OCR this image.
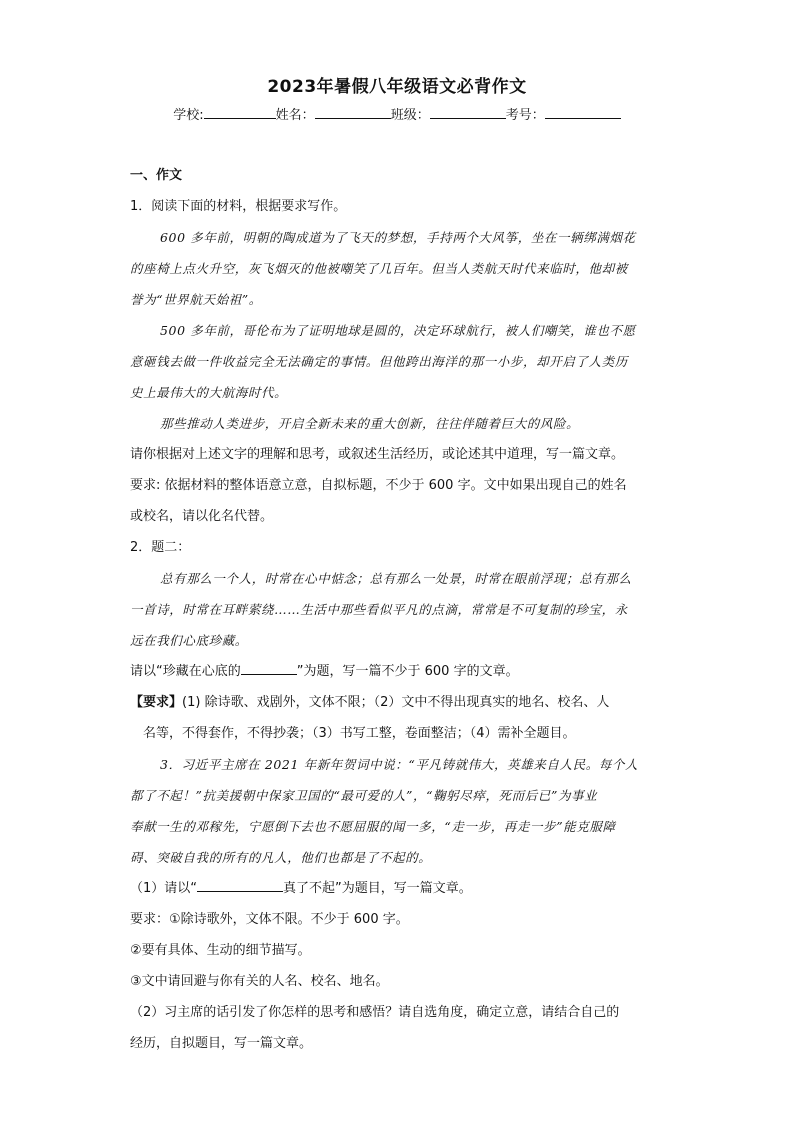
2023年暑假八年级语文必背作文
学校:	姓名：	班级：	考号：
一、作文
1．阅读下面的材料，根据要求写作。
600 多年前，明朝的陶成道为了飞天的梦想，手持两个大风筝，坐在一辆绑满烟花
的座椅上点火升空，灰飞烟灭的他被嘲笑了几百年。但当人类航天时代来临时，他却被
誉为“世界航天始祖”。
500 多年前，哥伦布为了证明地球是圆的，决定环球航行，被人们嘲笑，谁也不愿
意砸钱去做一件收益完全无法确定的事情。但他跨出海洋的那一小步，却开启了人类历
史上最伟大的大航海时代。
那些推动人类进步，开启全新未来的重大创新，往往伴随着巨大的风险。
请你根据对上述文字的理解和思考，或叙述生活经历，或论述其中道理，写一篇文章。
要求: 依据材料的整体语意立意，自拟标题，不少于 600 字。文中如果出现自己的姓名
或校名，请以化名代替。
2．题二：
总有那么一个人，时常在心中惦念；总有那么一处景，时常在眼前浮现；总有那么
一首诗，时常在耳畔萦绕……生活中那些看似平凡的点滴，常常是不可复制的珍宝，永
远在我们心底珍藏。
请以“珍藏在心底的	”为题，写一篇不少于 600 字的文章。
【要求】(1) 除诗歌、戏剧外，文体不限；（2）文中不得出现真实的地名、校名、人
名等，不得套作，不得抄袭；（3）书写工整，卷面整洁；（4）需补全题目。
3．习近平主席在 2021 年新年贺词中说：“平凡铸就伟大，英雄来自人民。每个人
都了不起！”抗美援朝中保家卫国的“最可爱的人”，“鞠躬尽瘁，死而后已”为事业
奉献一生的邓稼先，宁愿倒下去也不愿屈服的闻一多，“走一步，再走一步”能克服障
碍、突破自我的所有的凡人，他们也都是了不起的。
（1）请以“	真了不起”为题目，写一篇文章。
要求：①除诗歌外，文体不限。不少于 600 字。
②要有具体、生动的细节描写。
③文中请回避与你有关的人名、校名、地名。
（2）习主席的话引发了你怎样的思考和感悟？请自选角度，确定立意，请结合自己的
经历，自拟题目，写一篇文章。
